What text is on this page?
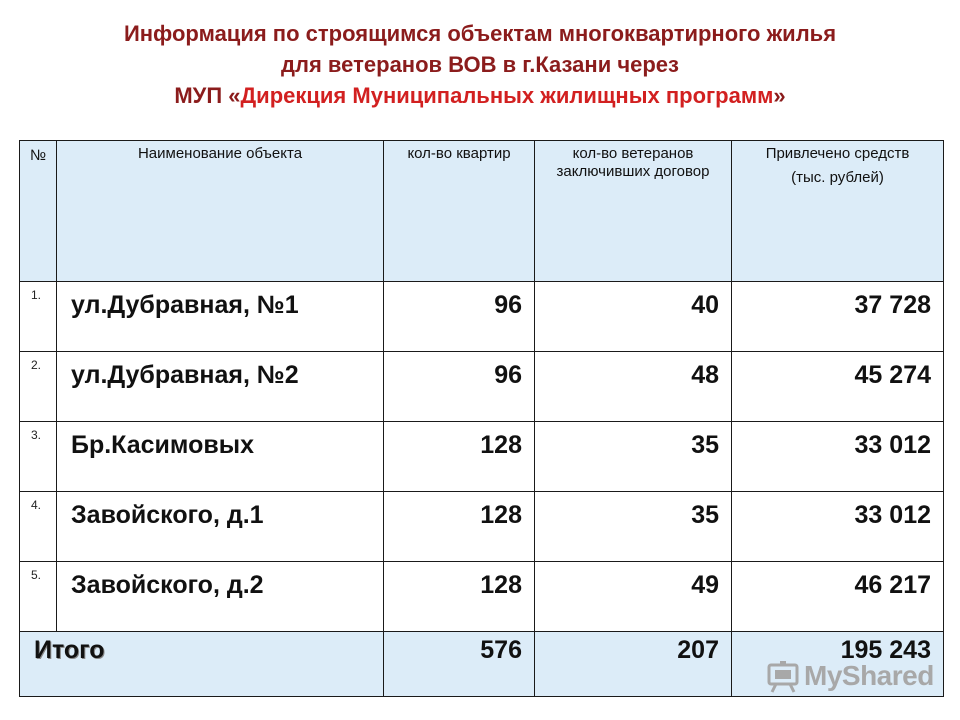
Информация по строящимся объектам многоквартирного жилья
для ветеранов ВОВ в г.Казани через
МУП «Дирекция Муниципальных жилищных программ»
№	Наименование объекта	кол-во квартир	кол-во ветеранов заключивших договор	Привлечено средств
(тыс. рублей)

1.	ул.Дубравная, №1	96	40	37 728
2.	ул.Дубравная, №2	96	48	45 274
3.	Бр.Касимовых	128	35	33 012
4.	Завойского, д.1	128	35	33 012
5.	Завойского, д.2	128	49	46 217
Итого		576	207	195 243
MyShared
